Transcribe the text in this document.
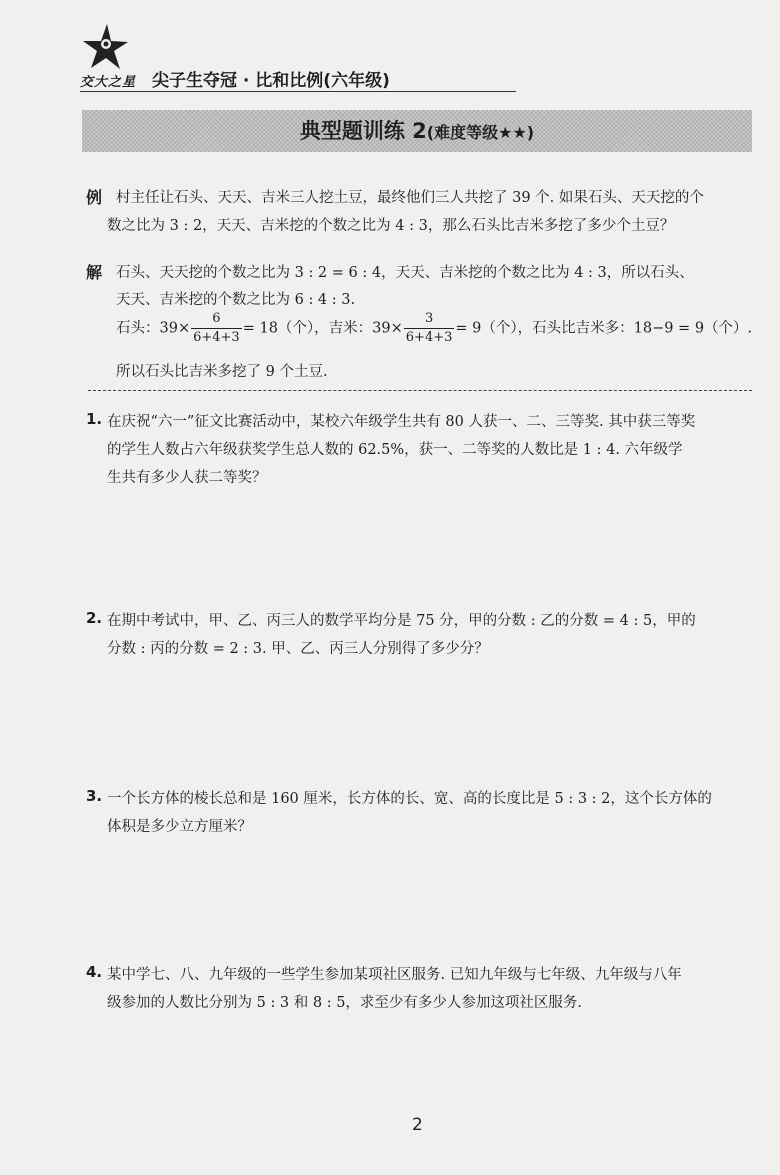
交大之星 尖子生夺冠 · 比和比例(六年级)
典型题训练 2(难度等级★★)
例 村主任让石头、天天、吉米三人挖土豆，最终他们三人共挖了 39 个. 如果石头、天天挖的个
数之比为 3 : 2，天天、吉米挖的个数之比为 4 : 3，那么石头比吉米多挖了多少个土豆？
解 石头、天天挖的个数之比为 3 : 2 = 6 : 4，天天、吉米挖的个数之比为 4 : 3，所以石头、
天天、吉米挖的个数之比为 6 : 4 : 3.
石头：$39\times \frac{6}{6+4+3} = 18$（个），吉米：$39\times \frac{3}{6+4+3} = 9$（个），石头比吉米多：18−9 = 9（个）.
所以石头比吉米多挖了 9 个土豆.
1. 在庆祝“六一”征文比赛活动中，某校六年级学生共有 80 人获一、二、三等奖. 其中获三等奖
的学生人数占六年级获奖学生总人数的 62.5%，获一、二等奖的人数比是 1 : 4. 六年级学
生共有多少人获二等奖？
2. 在期中考试中，甲、乙、丙三人的数学平均分是 75 分，甲的分数 : 乙的分数 = 4 : 5，甲的
分数 : 丙的分数 = 2 : 3. 甲、乙、丙三人分别得了多少分？
3. 一个长方体的棱长总和是 160 厘米，长方体的长、宽、高的长度比是 5 : 3 : 2，这个长方体的
体积是多少立方厘米？
4. 某中学七、八、九年级的一些学生参加某项社区服务. 已知九年级与七年级、九年级与八年
级参加的人数比分别为 5 : 3 和 8 : 5，求至少有多少人参加这项社区服务.
2
